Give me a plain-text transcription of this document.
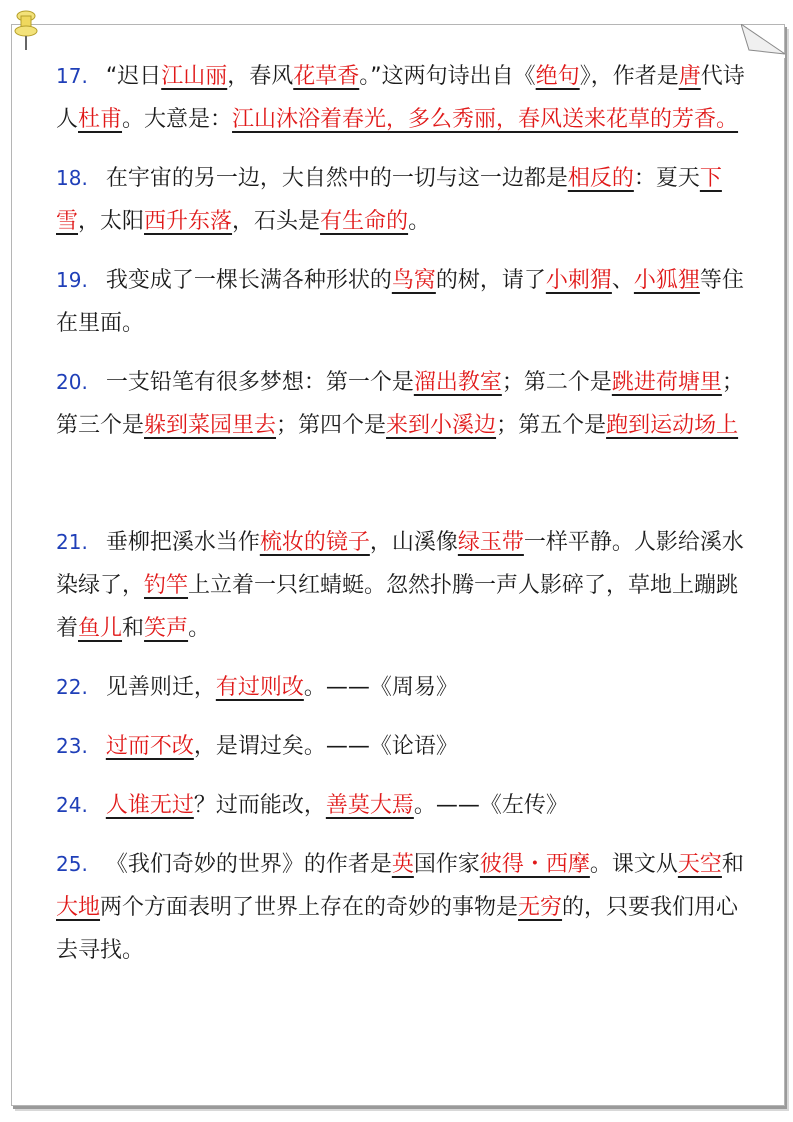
17. “迟日江山丽，春风花草香。”这两句诗出自《绝句》，作者是唐代诗人杜甫。大意是：江山沐浴着春光，多么秀丽，春风送来花草的芳香。
18. 在宇宙的另一边，大自然中的一切与这一边都是相反的：夏天下雪，太阳西升东落，石头是有生命的。
19. 我变成了一棵长满各种形状的鸟窝的树，请了小刺猬、小狐狸等住在里面。
20. 一支铅笔有很多梦想：第一个是溜出教室；第二个是跳进荷塘里；第三个是躲到菜园里去；第四个是来到小溪边；第五个是跑到运动场上
21. 垂柳把溪水当作梳妆的镜子，山溪像绿玉带一样平静。人影给溪水染绿了，钓竿上立着一只红蜻蜓。忽然扑腾一声人影碎了，草地上蹦跳着鱼儿和笑声。
22. 见善则迁，有过则改。——《周易》
23. 过而不改，是谓过矣。——《论语》
24. 人谁无过？过而能改，善莫大焉。——《左传》
25. 《我们奇妙的世界》的作者是英国作家彼得・西摩。课文从天空和大地两个方面表明了世界上存在的奇妙的事物是无穷的，只要我们用心去寻找。
